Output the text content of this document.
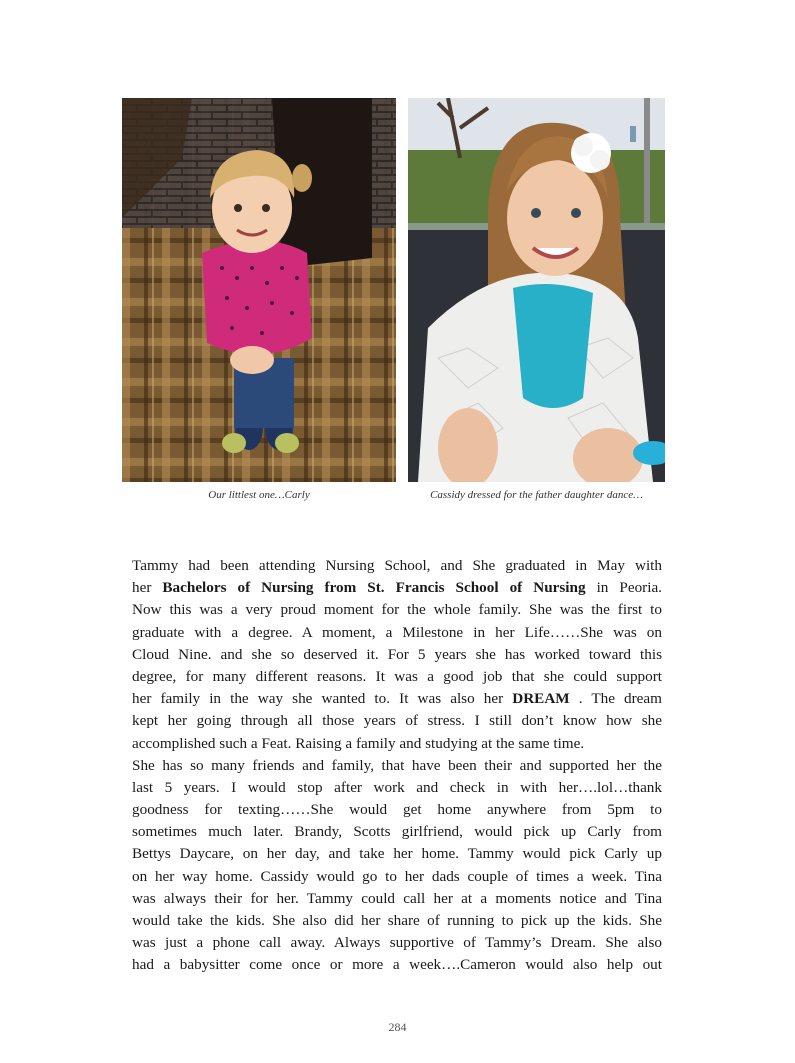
Our littlest one…Carly	Cassidy dressed for the father daughter dance…
Tammy had been attending Nursing School, and She graduated in May with
her Bachelors of Nursing from St. Francis School of Nursing in Peoria.
Now this was a very proud moment for the whole family. She was the first to
graduate with a degree. A moment, a Milestone in her Life……She was on
Cloud Nine. and she so deserved it. For 5 years she has worked toward this
degree, for many different reasons. It was a good job that she could support
her family in the way she wanted to. It was also her DREAM . The dream
kept her going through all those years of stress. I still don’t know how she
accomplished such a Feat. Raising a family and studying at the same time.
She has so many friends and family, that have been their and supported her the
last 5 years. I would stop after work and check in with her….lol…thank
goodness for texting……She would get home anywhere from 5pm to
sometimes much later. Brandy, Scotts girlfriend, would pick up Carly from
Bettys Daycare, on her day, and take her home. Tammy would pick Carly up
on her way home. Cassidy would go to her dads couple of times a week. Tina
was always their for her. Tammy could call her at a moments notice and Tina
would take the kids. She also did her share of running to pick up the kids. She
was just a phone call away. Always supportive of Tammy’s Dream. She also
had a babysitter come once or more a week….Cameron would also help out
284
